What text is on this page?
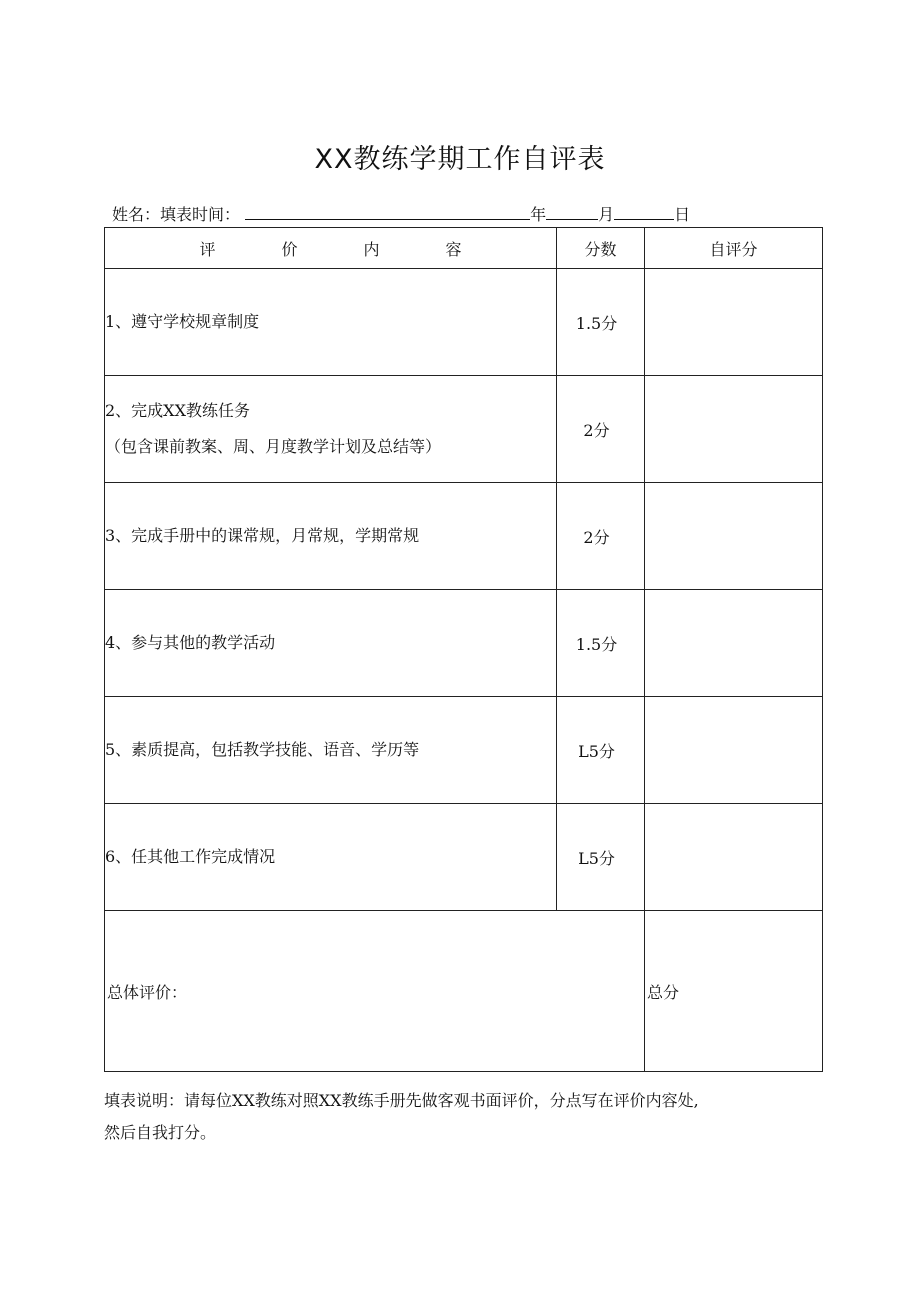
XX教练学期工作自评表
姓名：填表时间：	年	月	日
评 价 内 容	分数	自评分

1、遵守学校规章制度	1.5分	

2、完成XX教练任务
（包含课前教案、周、月度教学计划及总结等）	2分	

3、完成手册中的课常规，月常规，学期常规	2分	

4、参与其他的教学活动	1.5分	

5、素质提高，包括教学技能、语音、学历等	L5分	

6、任其他工作完成情况	L5分	
总体评价：		总分
填表说明：请每位XX教练对照XX教练手册先做客观书面评价，分点写在评价内容处,
然后自我打分。
